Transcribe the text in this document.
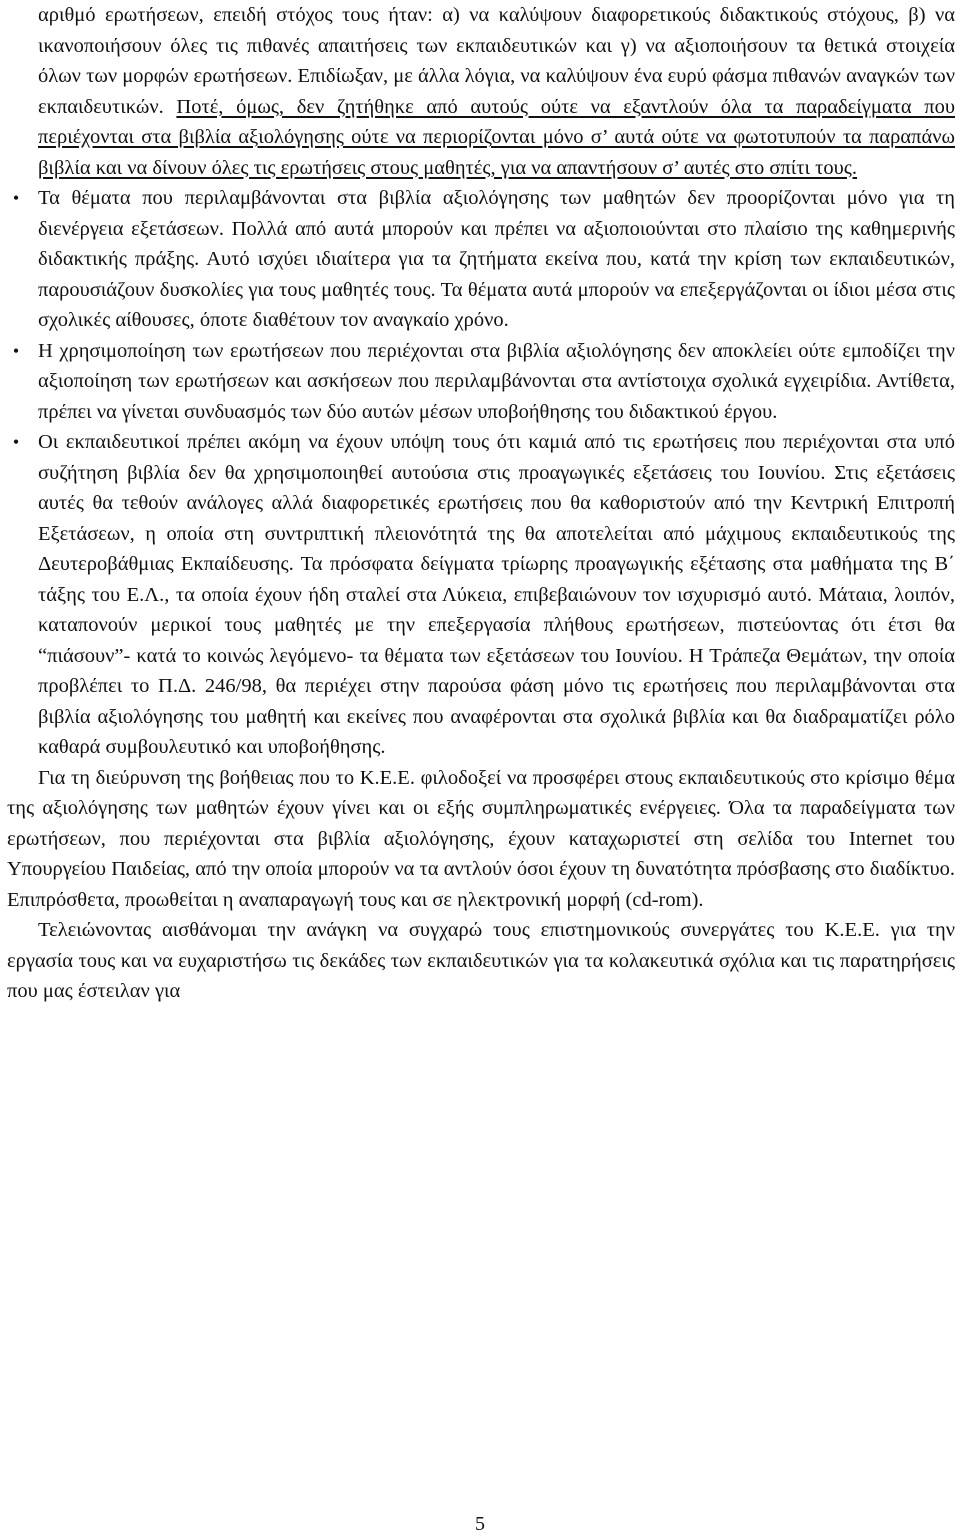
αριθμό ερωτήσεων, επειδή στόχος τους ήταν: α) να καλύψουν διαφορετικούς διδακτικούς στόχους, β) να ικανοποιήσουν όλες τις πιθανές απαιτήσεις των εκπαιδευτικών και γ) να αξιοποιήσουν τα θετικά στοιχεία όλων των μορφών ερωτήσεων. Επιδίωξαν, με άλλα λόγια, να καλύψουν ένα ευρύ φάσμα πιθανών αναγκών των εκπαιδευτικών. Ποτέ, όμως, δεν ζητήθηκε από αυτούς ούτε να εξαντλούν όλα τα παραδείγματα που περιέχονται στα βιβλία αξιολόγησης ούτε να περιορίζονται μόνο σ’ αυτά ούτε να φωτοτυπούν τα παραπάνω βιβλία και να δίνουν όλες τις ερωτήσεις στους μαθητές, για να απαντήσουν σ’ αυτές στο σπίτι τους.

• Τα θέματα που περιλαμβάνονται στα βιβλία αξιολόγησης των μαθητών δεν προορίζονται μόνο για τη διενέργεια εξετάσεων. Πολλά από αυτά μπορούν και πρέπει να αξιοποιούνται στο πλαίσιο της καθημερινής διδακτικής πράξης. Αυτό ισχύει ιδιαίτερα για τα ζητήματα εκείνα που, κατά την κρίση των εκπαιδευτικών, παρουσιάζουν δυσκολίες για τους μαθητές τους. Τα θέματα αυτά μπορούν να επεξεργάζονται οι ίδιοι μέσα στις σχολικές αίθουσες, όποτε διαθέτουν τον αναγκαίο χρόνο.
• Η χρησιμοποίηση των ερωτήσεων που περιέχονται στα βιβλία αξιολόγησης δεν αποκλείει ούτε εμποδίζει την αξιοποίηση των ερωτήσεων και ασκήσεων που περιλαμβάνονται στα αντίστοιχα σχολικά εγχειρίδια. Αντίθετα, πρέπει να γίνεται συνδυασμός των δύο αυτών μέσων υποβοήθησης του διδακτικού έργου.
• Οι εκπαιδευτικοί πρέπει ακόμη να έχουν υπόψη τους ότι καμιά από τις ερωτήσεις που περιέχονται στα υπό συζήτηση βιβλία δεν θα χρησιμοποιηθεί αυτούσια στις προαγωγικές εξετάσεις του Ιουνίου. Στις εξετάσεις αυτές θα τεθούν ανάλογες αλλά διαφορετικές ερωτήσεις που θα καθοριστούν από την Κεντρική Επιτροπή Εξετάσεων, η οποία στη συντριπτική πλειονότητά της θα αποτελείται από μάχιμους εκπαιδευτικούς της Δευτεροβάθμιας Εκπαίδευσης. Τα πρόσφατα δείγματα τρίωρης προαγωγικής εξέτασης στα μαθήματα της Β΄ τάξης του Ε.Λ., τα οποία έχουν ήδη σταλεί στα Λύκεια, επιβεβαιώνουν τον ισχυρισμό αυτό. Μάταια, λοιπόν, καταπονούν μερικοί τους μαθητές με την επεξεργασία πλήθους ερωτήσεων, πιστεύοντας ότι έτσι θα “πιάσουν”- κατά το κοινώς λεγόμενο- τα θέματα των εξετάσεων του Ιουνίου. Η Τράπεζα Θεμάτων, την οποία προβλέπει το Π.Δ. 246/98, θα περιέχει στην παρούσα φάση μόνο τις ερωτήσεις που περιλαμβάνονται στα βιβλία αξιολόγησης του μαθητή και εκείνες που αναφέρονται στα σχολικά βιβλία και θα διαδραματίζει ρόλο καθαρά συμβουλευτικό και υποβοήθησης.

Για τη διεύρυνση της βοήθειας που το Κ.Ε.Ε. φιλοδοξεί να προσφέρει στους εκπαιδευτικούς στο κρίσιμο θέμα της αξιολόγησης των μαθητών έχουν γίνει και οι εξής συμπληρωματικές ενέργειες. Όλα τα παραδείγματα των ερωτήσεων, που περιέχονται στα βιβλία αξιολόγησης, έχουν καταχωριστεί στη σελίδα του Internet του Υπουργείου Παιδείας, από την οποία μπορούν να τα αντλούν όσοι έχουν τη δυνατότητα πρόσβασης στο διαδίκτυο. Επιπρόσθετα, προωθείται η αναπαραγωγή τους και σε ηλεκτρονική μορφή (cd-rom).

Τελειώνοντας αισθάνομαι την ανάγκη να συγχαρώ τους επιστημονικούς συνεργάτες του Κ.Ε.Ε. για την εργασία τους και να ευχαριστήσω τις δεκάδες των εκπαιδευτικών για τα κολακευτικά σχόλια και τις παρατηρήσεις που μας έστειλαν για

5
